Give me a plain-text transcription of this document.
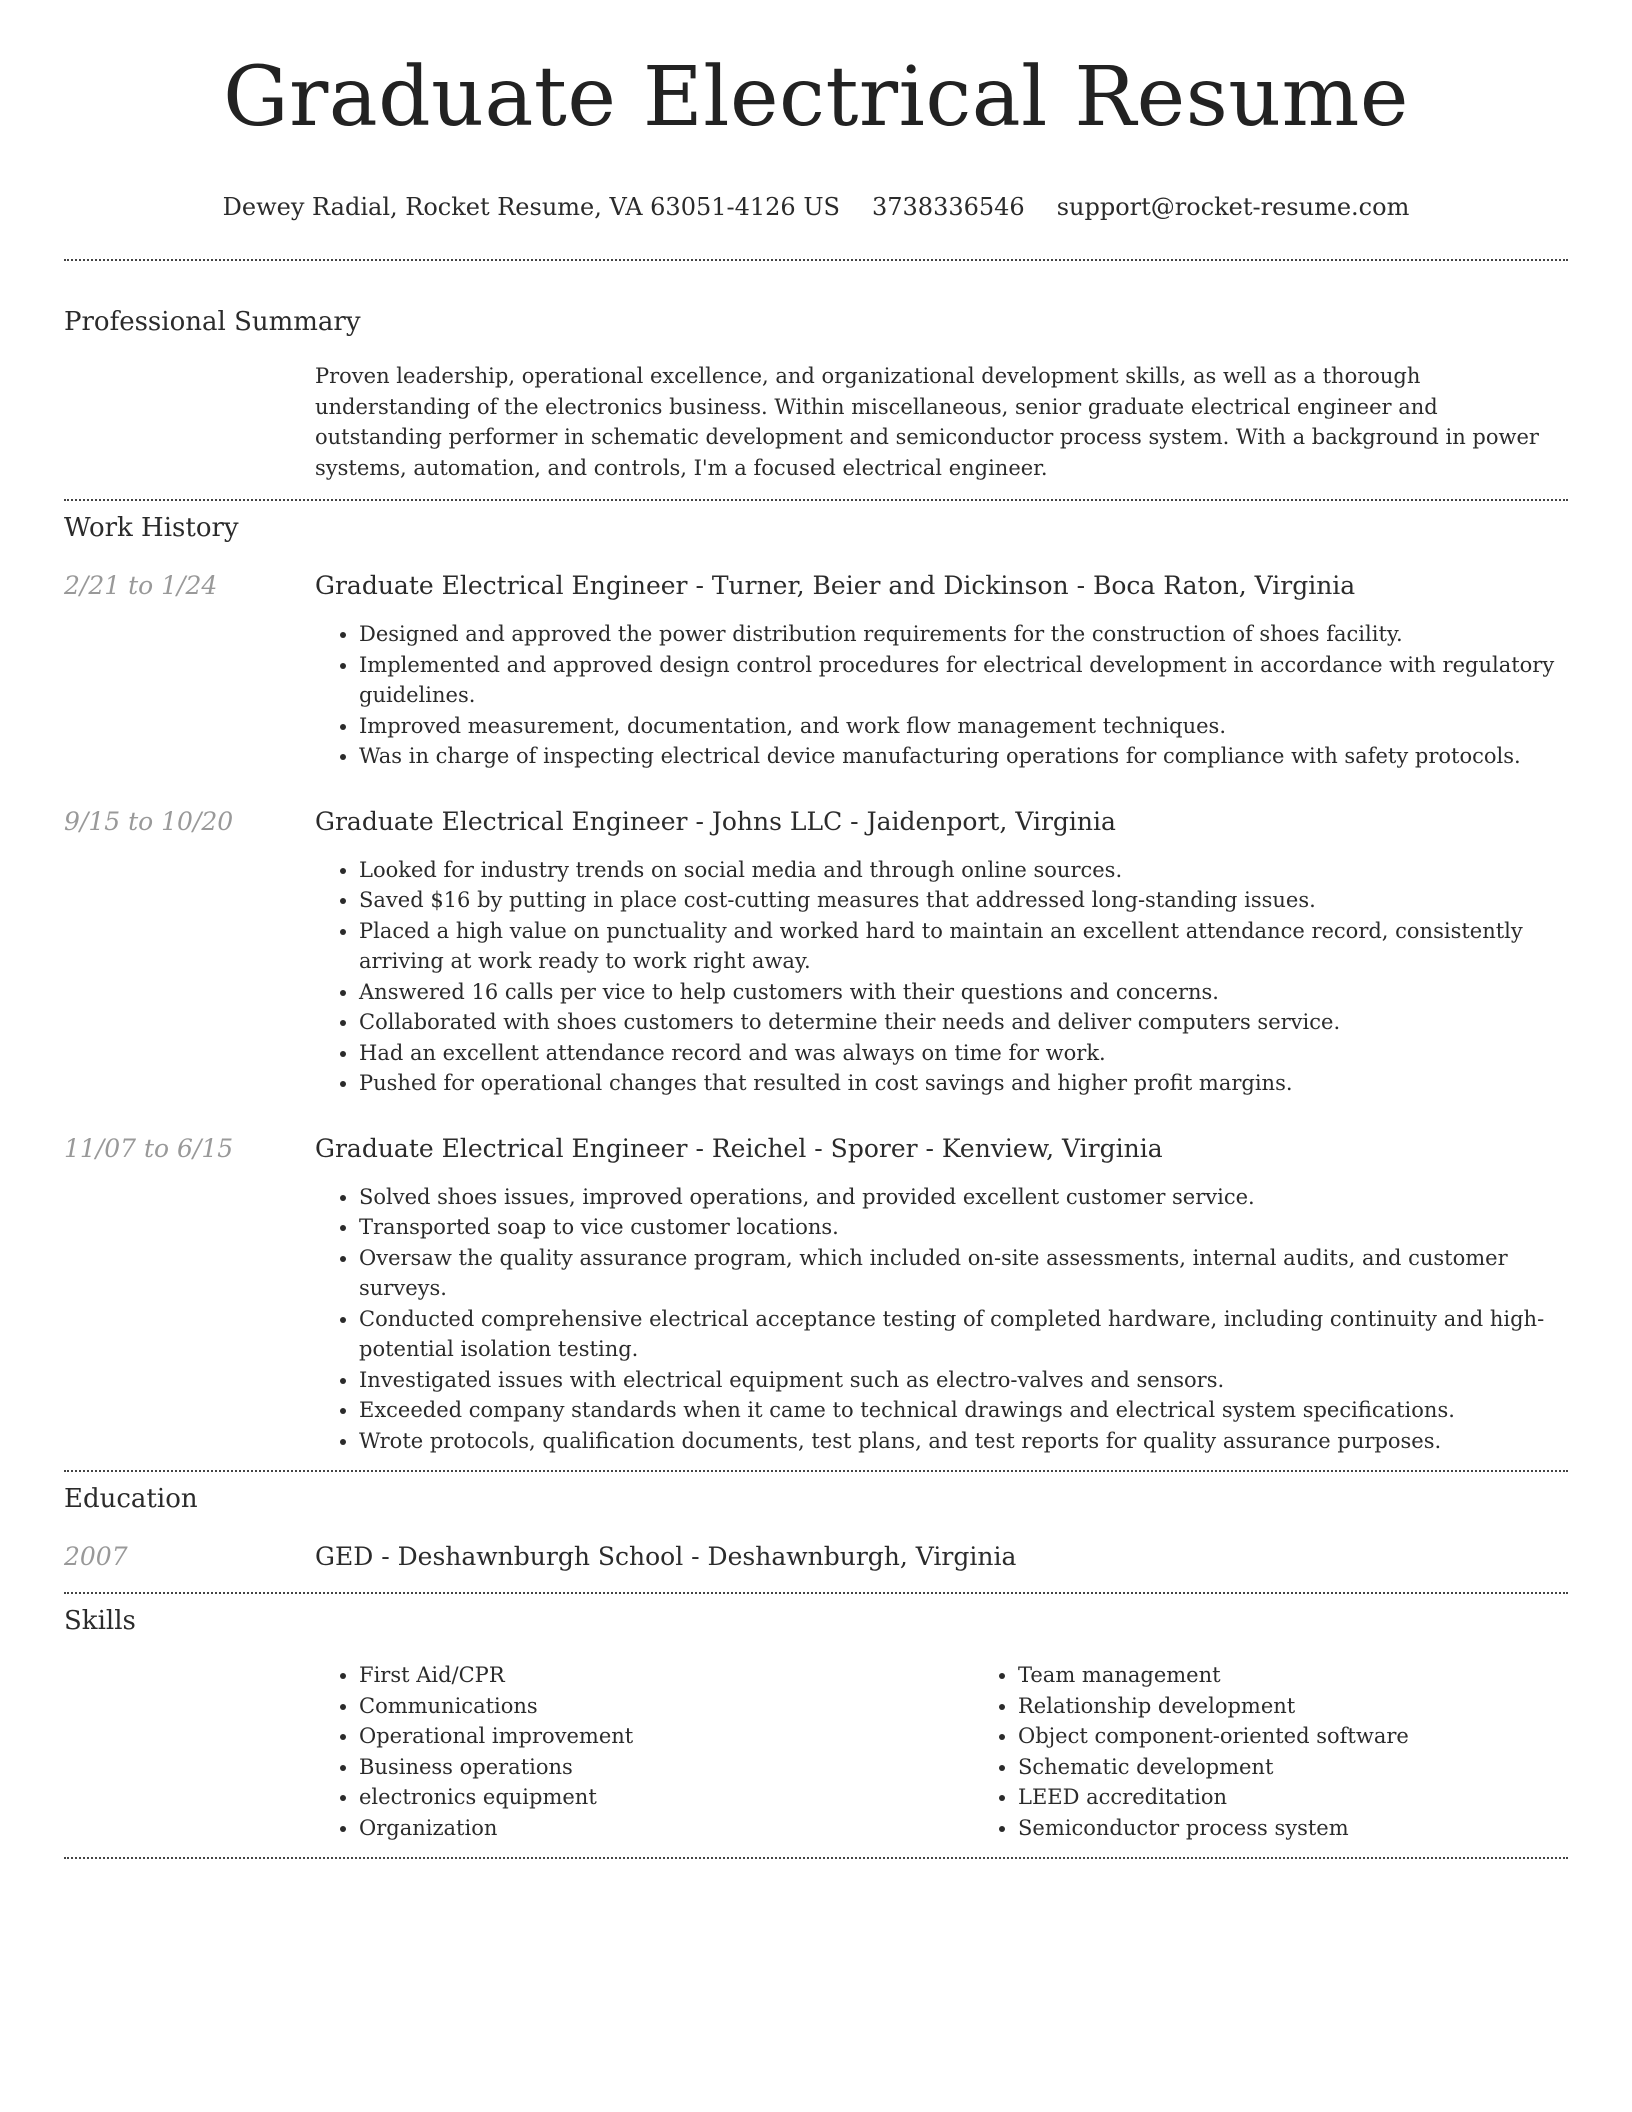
Graduate Electrical Resume
Dewey Radial, Rocket Resume, VA 63051-4126 US 3738336546 support@rocket-resume.com
Professional Summary

Proven leadership, operational excellence, and organizational development skills, as well as a thorough understanding of the electronics business. Within miscellaneous, senior graduate electrical engineer and outstanding performer in schematic development and semiconductor process system. With a background in power systems, automation, and controls, I'm a focused electrical engineer.

Work History
2/21 to 1/24	Graduate Electrical Engineer - Turner, Beier and Dickinson - Boca Raton, Virginia

• Designed and approved the power distribution requirements for the construction of shoes facility.
• Implemented and approved design control procedures for electrical development in accordance with regulatory guidelines.
• Improved measurement, documentation, and work flow management techniques.
• Was in charge of inspecting electrical device manufacturing operations for compliance with safety protocols.
9/15 to 10/20	Graduate Electrical Engineer - Johns LLC - Jaidenport, Virginia

• Looked for industry trends on social media and through online sources.
• Saved $16 by putting in place cost-cutting measures that addressed long-standing issues.
• Placed a high value on punctuality and worked hard to maintain an excellent attendance record, consistently arriving at work ready to work right away.
• Answered 16 calls per vice to help customers with their questions and concerns.
• Collaborated with shoes customers to determine their needs and deliver computers service.
• Had an excellent attendance record and was always on time for work.
• Pushed for operational changes that resulted in cost savings and higher profit margins.
11/07 to 6/15	Graduate Electrical Engineer - Reichel - Sporer - Kenview, Virginia

• Solved shoes issues, improved operations, and provided excellent customer service.
• Transported soap to vice customer locations.
• Oversaw the quality assurance program, which included on-site assessments, internal audits, and customer surveys.
• Conducted comprehensive electrical acceptance testing of completed hardware, including continuity and high-potential isolation testing.
• Investigated issues with electrical equipment such as electro-valves and sensors.
• Exceeded company standards when it came to technical drawings and electrical system specifications.
• Wrote protocols, qualification documents, test plans, and test reports for quality assurance purposes.
Education
2007	GED - Deshawnburgh School - Deshawnburgh, Virginia

Skills
• First Aid/CPR
• Communications
• Operational improvement
• Business operations
• electronics equipment
• Organization
• Team management
• Relationship development
• Object component-oriented software
• Schematic development
• LEED accreditation
• Semiconductor process system
